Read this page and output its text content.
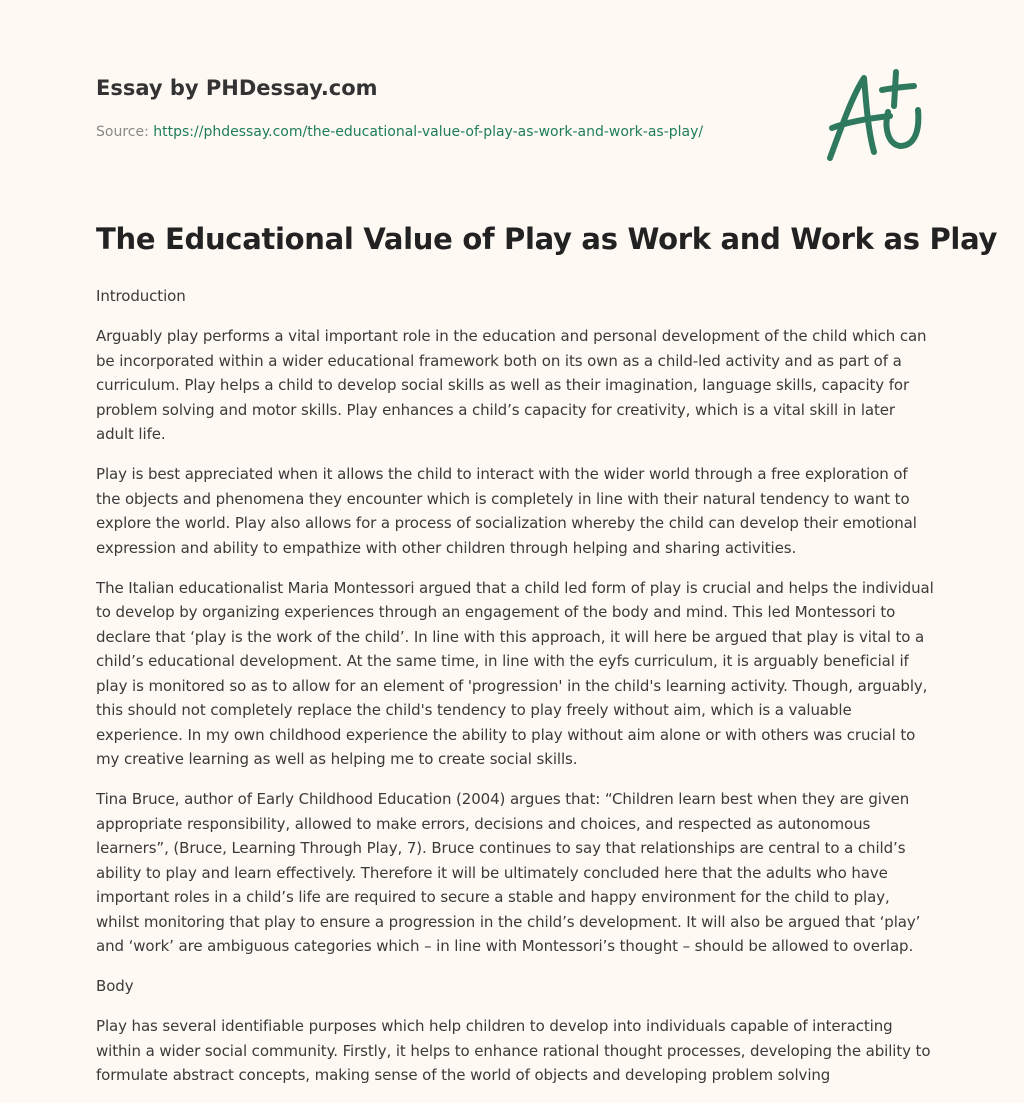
Essay by PHDessay.com
Source: https://phdessay.com/the-educational-value-of-play-as-work-and-work-as-play/
The Educational Value of Play as Work and Work as Play

Introduction

Arguably play performs a vital important role in the education and personal development of the child which can be incorporated within a wider educational framework both on its own as a child-led activity and as part of a curriculum. Play helps a child to develop social skills as well as their imagination, language skills, capacity for problem solving and motor skills. Play enhances a child’s capacity for creativity, which is a vital skill in later adult life.

Play is best appreciated when it allows the child to interact with the wider world through a free exploration of the objects and phenomena they encounter which is completely in line with their natural tendency to want to explore the world. Play also allows for a process of socialization whereby the child can develop their emotional expression and ability to empathize with other children through helping and sharing activities.

The Italian educationalist Maria Montessori argued that a child led form of play is crucial and helps the individual to develop by organizing experiences through an engagement of the body and mind. This led Montessori to declare that ‘play is the work of the child’. In line with this approach, it will here be argued that play is vital to a child’s educational development. At the same time, in line with the eyfs curriculum, it is arguably beneficial if play is monitored so as to allow for an element of 'progression' in the child's learning activity. Though, arguably, this should not completely replace the child's tendency to play freely without aim, which is a valuable experience. In my own childhood experience the ability to play without aim alone or with others was crucial to my creative learning as well as helping me to create social skills.

Tina Bruce, author of Early Childhood Education (2004) argues that: “Children learn best when they are given appropriate responsibility, allowed to make errors, decisions and choices, and respected as autonomous learners”, (Bruce, Learning Through Play, 7). Bruce continues to say that relationships are central to a child’s ability to play and learn effectively. Therefore it will be ultimately concluded here that the adults who have important roles in a child’s life are required to secure a stable and happy environment for the child to play, whilst monitoring that play to ensure a progression in the child’s development. It will also be argued that ‘play’ and ‘work’ are ambiguous categories which – in line with Montessori’s thought – should be allowed to overlap.

Body

Play has several identifiable purposes which help children to develop into individuals capable of interacting within a wider social community. Firstly, it helps to enhance rational thought processes, developing the ability to formulate abstract concepts, making sense of the world of objects and developing problem solving
